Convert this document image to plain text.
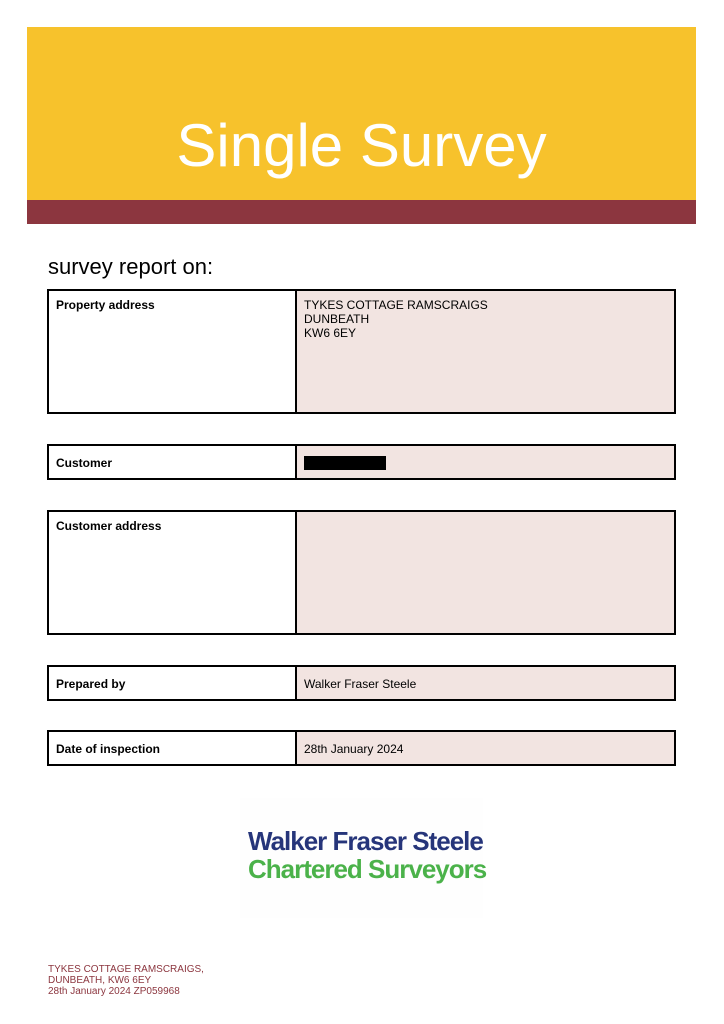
Single Survey
survey report on:
Property address	TYKES COTTAGE RAMSCRAIGS
DUNBEATH
KW6 6EY
Customer
Customer address
Prepared by	Walker Fraser Steele
Date of inspection	28th January 2024
Walker Fraser Steele
Chartered Surveyors
TYKES COTTAGE RAMSCRAIGS,
DUNBEATH, KW6 6EY
28th January 2024 ZP059968
